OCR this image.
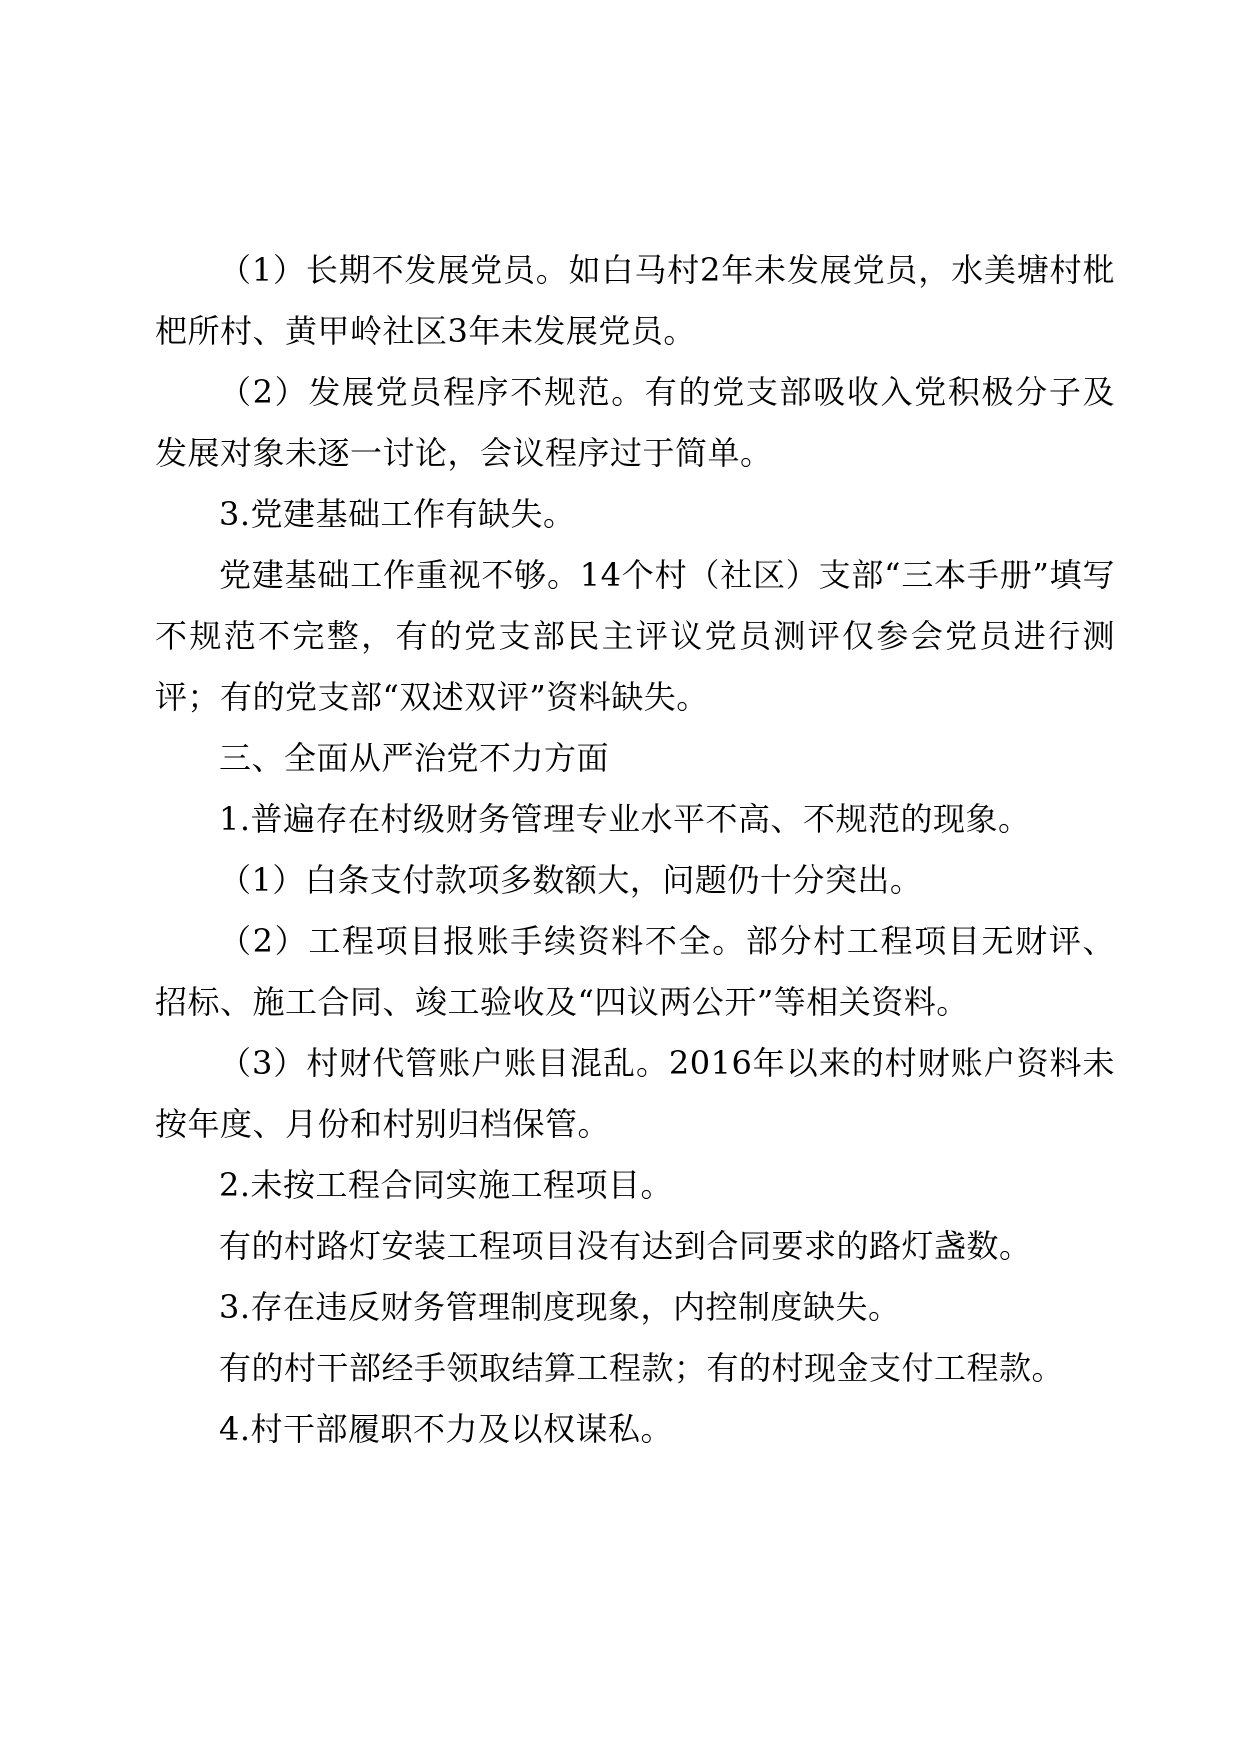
（1）长期不发展党员。如白马村2年未发展党员，水美塘村枇杷所村、黄甲岭社区3年未发展党员。

（2）发展党员程序不规范。有的党支部吸收入党积极分子及发展对象未逐一讨论，会议程序过于简单。

3.党建基础工作有缺失。

党建基础工作重视不够。14个村（社区）支部“三本手册”填写不规范不完整，有的党支部民主评议党员测评仅参会党员进行测评；有的党支部“双述双评”资料缺失。

三、全面从严治党不力方面

1.普遍存在村级财务管理专业水平不高、不规范的现象。

（1）白条支付款项多数额大，问题仍十分突出。

（2）工程项目报账手续资料不全。部分村工程项目无财评、招标、施工合同、竣工验收及“四议两公开”等相关资料。

（3）村财代管账户账目混乱。2016年以来的村财账户资料未按年度、月份和村别归档保管。

2.未按工程合同实施工程项目。

有的村路灯安装工程项目没有达到合同要求的路灯盏数。

3.存在违反财务管理制度现象，内控制度缺失。

有的村干部经手领取结算工程款；有的村现金支付工程款。

4.村干部履职不力及以权谋私。
